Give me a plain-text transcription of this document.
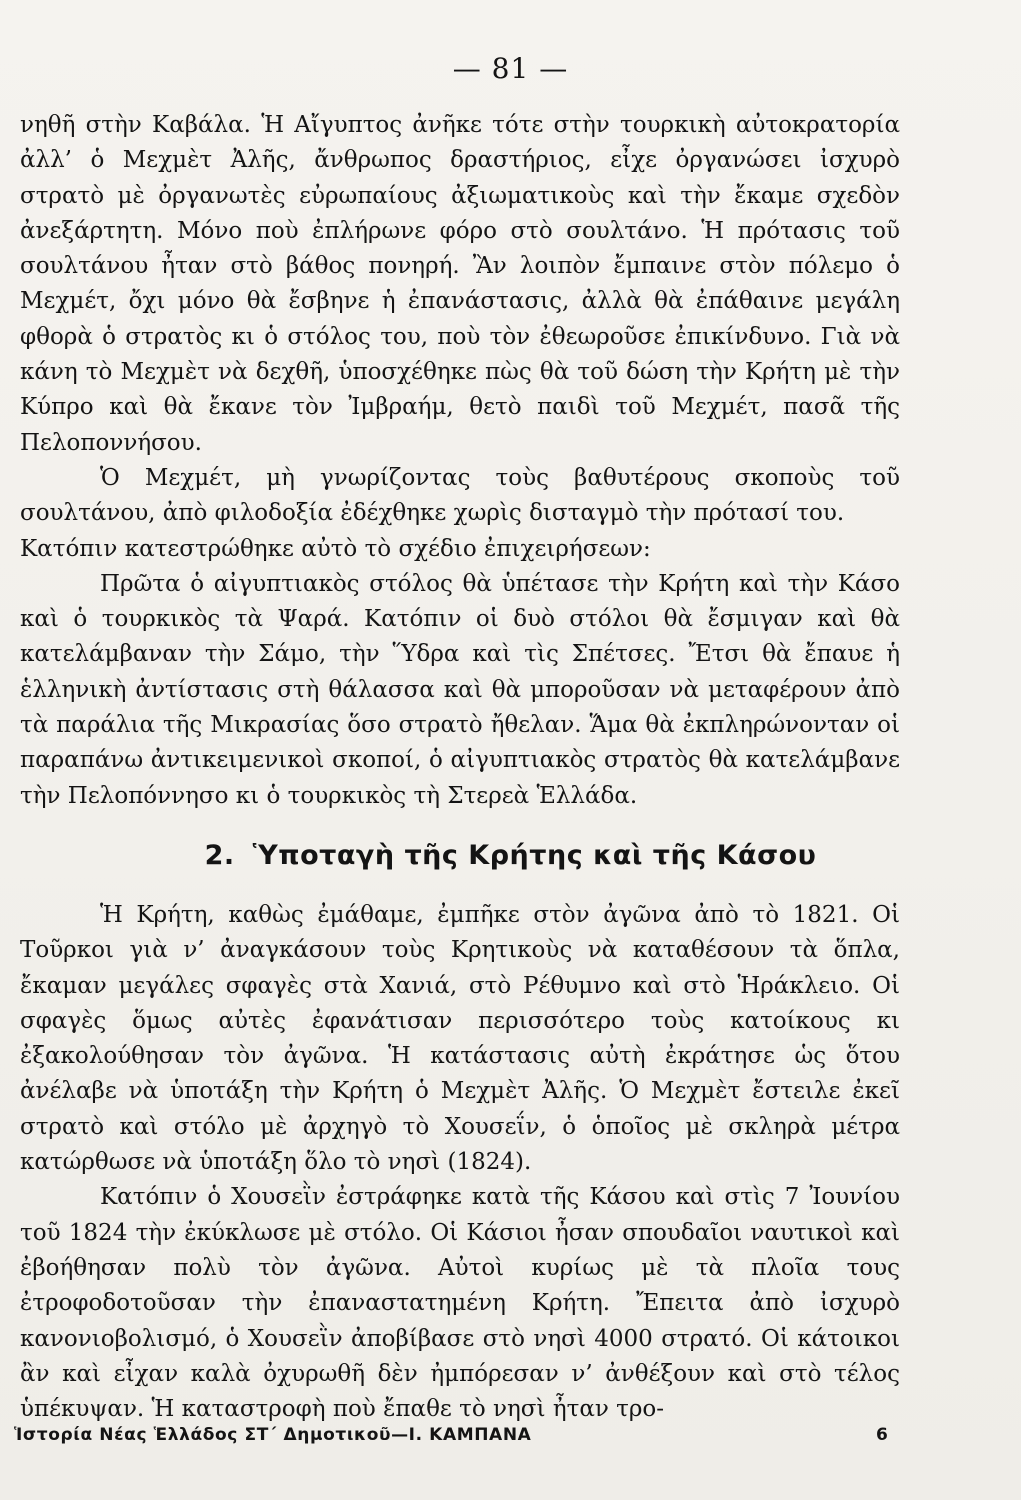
— 81 —

νηθῆ στὴν Καβάλα. Ἡ Αἴγυπτος ἀνῆκε τότε στὴν τουρκικὴ αὐτοκρατορία ἀλλ’ ὁ Μεχμὲτ Ἀλῆς, ἄνθρωπος δραστήριος, εἶχε ὀργανώσει ἰσχυρὸ στρατὸ μὲ ὀργανωτὲς εὐρωπαίους ἀξιωματικοὺς καὶ τὴν ἔκαμε σχεδὸν ἀνεξάρτητη. Μόνο ποὺ ἐπλήρωνε φόρο στὸ σουλτάνο. Ἡ πρότασις τοῦ σουλτάνου ἦταν στὸ βάθος πονηρή. Ἂν λοιπὸν ἔμπαινε στὸν πόλεμο ὁ Μεχμέτ, ὄχι μόνο θὰ ἔσβηνε ἡ ἐπανάστασις, ἀλλὰ θὰ ἐπάθαινε μεγάλη φθορὰ ὁ στρατὸς κι ὁ στόλος του, ποὺ τὸν ἐθεωροῦσε ἐπικίνδυνο. Γιὰ νὰ κάνη τὸ Μεχμὲτ νὰ δεχθῆ, ὑποσχέθηκε πὼς θὰ τοῦ δώση τὴν Κρήτη μὲ τὴν Κύπρο καὶ θὰ ἔκανε τὸν Ἰμβραήμ, θετὸ παιδὶ τοῦ Μεχμέτ, πασᾶ τῆς Πελοποννήσου.

Ὁ Μεχμέτ, μὴ γνωρίζοντας τοὺς βαθυτέρους σκοποὺς τοῦ σουλτάνου, ἀπὸ φιλοδοξία ἐδέχθηκε χωρὶς δισταγμὸ τὴν πρότασί του.

Κατόπιν κατεστρώθηκε αὐτὸ τὸ σχέδιο ἐπιχειρήσεων:

Πρῶτα ὁ αἰγυπτιακὸς στόλος θὰ ὑπέτασε τὴν Κρήτη καὶ τὴν Κάσο καὶ ὁ τουρκικὸς τὰ Ψαρά. Κατόπιν οἱ δυὸ στόλοι θὰ ἔσμιγαν καὶ θὰ κατελάμβαναν τὴν Σάμο, τὴν Ὕδρα καὶ τὶς Σπέτσες. Ἔτσι θὰ ἔπαυε ἡ ἑλληνικὴ ἀντίστασις στὴ θάλασσα καὶ θὰ μποροῦσαν νὰ μεταφέρουν ἀπὸ τὰ παράλια τῆς Μικρασίας ὅσο στρατὸ ἤθελαν. Ἅμα θὰ ἐκπληρώνονταν οἱ παραπάνω ἀντικειμενικοὶ σκοποί, ὁ αἰγυπτιακὸς στρατὸς θὰ κατελάμβανε τὴν Πελοπόννησο κι ὁ τουρκικὸς τὴ Στερεὰ Ἑλλάδα.

2. Ὑποταγὴ τῆς Κρήτης καὶ τῆς Κάσου

Ἡ Κρήτη, καθὼς ἐμάθαμε, ἐμπῆκε στὸν ἀγῶνα ἀπὸ τὸ 1821. Οἱ Τοῦρκοι γιὰ ν’ ἀναγκάσουν τοὺς Κρητικοὺς νὰ καταθέσουν τὰ ὅπλα, ἔκαμαν μεγάλες σφαγὲς στὰ Χανιά, στὸ Ρέθυμνο καὶ στὸ Ἡράκλειο. Οἱ σφαγὲς ὅμως αὐτὲς ἐφανάτισαν περισσότερο τοὺς κατοίκους κι ἐξακολούθησαν τὸν ἀγῶνα. Ἡ κατάστασις αὐτὴ ἐκράτησε ὡς ὅτου ἀνέλαβε νὰ ὑποτάξη τὴν Κρήτη ὁ Μεχμὲτ Ἀλῆς. Ὁ Μεχμὲτ ἔστειλε ἐκεῖ στρατὸ καὶ στόλο μὲ ἀρχηγὸ τὸ Χουσεΐν, ὁ ὁποῖος μὲ σκληρὰ μέτρα κατώρθωσε νὰ ὑποτάξη ὅλο τὸ νησὶ (1824).

Κατόπιν ὁ Χουσεῒν ἐστράφηκε κατὰ τῆς Κάσου καὶ στὶς 7 Ἰουνίου τοῦ 1824 τὴν ἐκύκλωσε μὲ στόλο. Οἱ Κάσιοι ἦσαν σπουδαῖοι ναυτικοὶ καὶ ἐβοήθησαν πολὺ τὸν ἀγῶνα. Αὐτοὶ κυρίως μὲ τὰ πλοῖα τους ἐτροφοδοτοῦσαν τὴν ἐπαναστατημένη Κρήτη. Ἔπειτα ἀπὸ ἰσχυρὸ κανονιοβολισμό, ὁ Χουσεῒν ἀποβίβασε στὸ νησὶ 4000 στρατό. Οἱ κάτοικοι ἂν καὶ εἶχαν καλὰ ὀχυρωθῆ δὲν ἠμπόρεσαν ν’ ἀνθέξουν καὶ στὸ τέλος ὑπέκυψαν. Ἡ καταστροφὴ ποὺ ἔπαθε τὸ νησὶ ἦταν τρο-

Ἱστορία Νέας Ἑλλάδος ΣΤ΄ Δημοτικοῦ—Ι. ΚΑΜΠΑΝΑ	6
